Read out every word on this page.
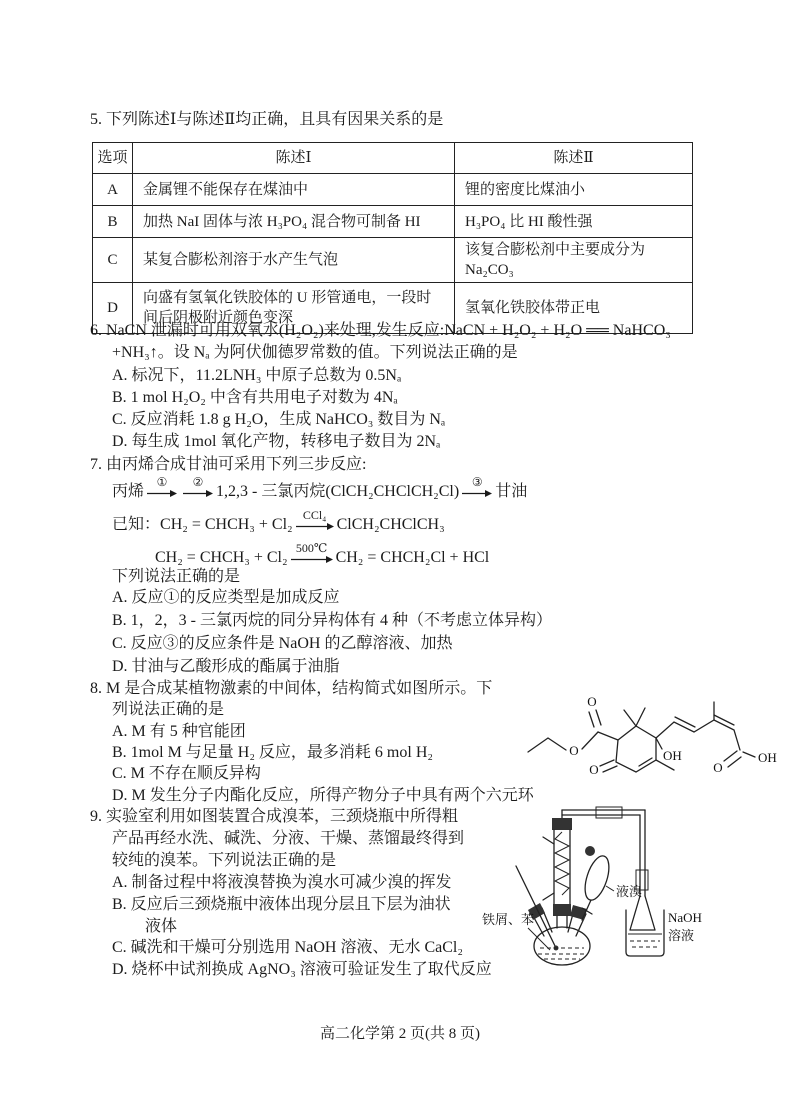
5. 下列陈述Ⅰ与陈述Ⅱ均正确，且具有因果关系的是
选项	陈述Ⅰ	陈述Ⅱ
A	金属锂不能保存在煤油中	锂的密度比煤油小
B	加热 NaI 固体与浓 H₃PO₄ 混合物可制备 HI	H₃PO₄ 比 HI 酸性强
C	某复合膨松剂溶于水产生气泡	该复合膨松剂中主要成分为 Na₂CO₃
D	向盛有氢氧化铁胶体的 U 形管通电，一段时间后阴极附近颜色变深	氢氧化铁胶体带正电
6. NaCN 泄漏时可用双氧水(H₂O₂)来处理,发生反应:NaCN + H₂O₂ + H₂O ══ NaHCO₃
+NH₃↑。设 Nₐ 为阿伏伽德罗常数的值。下列说法正确的是
A. 标况下，11.2LNH₃ 中原子总数为 0.5Nₐ
B. 1 mol H₂O₂ 中含有共用电子对数为 4Nₐ
C. 反应消耗 1.8 g H₂O，生成 NaHCO₃ 数目为 Nₐ
D. 每生成 1mol 氧化产物，转移电子数目为 2Nₐ
7. 由丙烯合成甘油可采用下列三步反应:
丙烯
① ②
1,2,3 - 三氯丙烷(ClCH₂CHClCH₂Cl)
③
甘油
已知： CH₂ = CHCH₃ + Cl₂
CCl₄
ClCH₂CHClCH₃
CH₂ = CHCH₃ + Cl₂
500℃
CH₂ = CHCH₂Cl + HCl
下列说法正确的是
A. 反应①的反应类型是加成反应
B. 1，2，3 - 三氯丙烷的同分异构体有 4 种（不考虑立体异构）
C. 反应③的反应条件是 NaOH 的乙醇溶液、加热
D. 甘油与乙酸形成的酯属于油脂
8. M 是合成某植物激素的中间体，结构简式如图所示。下
列说法正确的是
A. M 有 5 种官能团
B. 1mol M 与足量 H₂ 反应，最多消耗 6 mol H₂
C. M 不存在顺反异构
D. M 发生分子内酯化反应，所得产物分子中具有两个六元环
O
O
O
OH
O
OH
9. 实验室利用如图装置合成溴苯，三颈烧瓶中所得粗
产品再经水洗、碱洗、分液、干燥、蒸馏最终得到
较纯的溴苯。下列说法正确的是
A. 制备过程中将液溴替换为溴水可减少溴的挥发
B. 反应后三颈烧瓶中液体出现分层且下层为油状
液体
C. 碱洗和干燥可分别选用 NaOH 溶液、无水 CaCl₂
D. 烧杯中试剂换成 AgNO₃ 溶液可验证发生了取代反应
液溴
铁屑、苯	NaOH
溶液
高二化学第 2 页(共 8 页)
